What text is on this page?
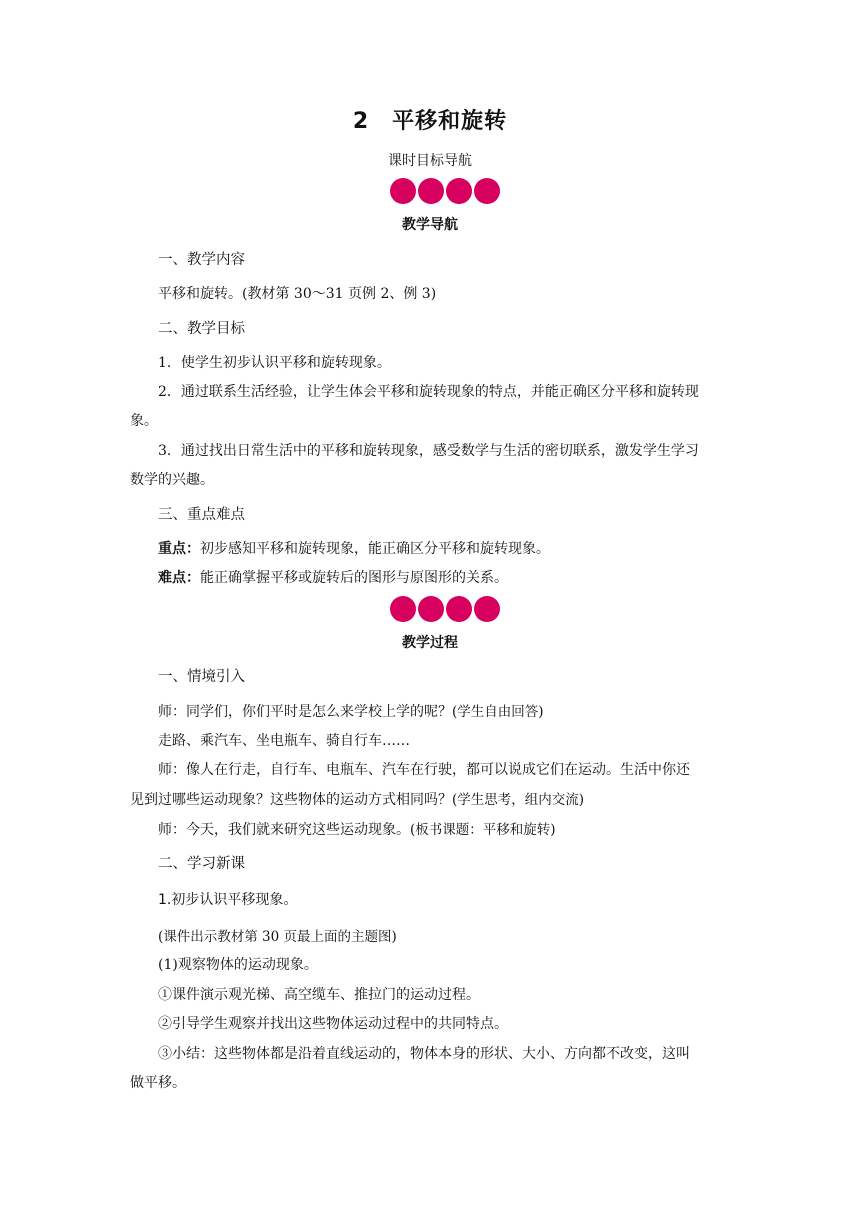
2　平移和旋转
课时目标导航
教学导航
一、教学内容
平移和旋转。(教材第 30～31 页例 2、例 3)
二、教学目标
1．使学生初步认识平移和旋转现象。
2．通过联系生活经验，让学生体会平移和旋转现象的特点，并能正确区分平移和旋转现
象。
3．通过找出日常生活中的平移和旋转现象，感受数学与生活的密切联系，激发学生学习
数学的兴趣。
三、重点难点
重点：初步感知平移和旋转现象，能正确区分平移和旋转现象。
难点：能正确掌握平移或旋转后的图形与原图形的关系。
教学过程
一、情境引入
师：同学们，你们平时是怎么来学校上学的呢？(学生自由回答)
走路、乘汽车、坐电瓶车、骑自行车……
师：像人在行走，自行车、电瓶车、汽车在行驶，都可以说成它们在运动。生活中你还
见到过哪些运动现象？这些物体的运动方式相同吗？(学生思考，组内交流)
师：今天，我们就来研究这些运动现象。(板书课题：平移和旋转)
二、学习新课
1.初步认识平移现象。
(课件出示教材第 30 页最上面的主题图)
(1)观察物体的运动现象。
①课件演示观光梯、高空缆车、推拉门的运动过程。
②引导学生观察并找出这些物体运动过程中的共同特点。
③小结：这些物体都是沿着直线运动的，物体本身的形状、大小、方向都不改变，这叫
做平移。
